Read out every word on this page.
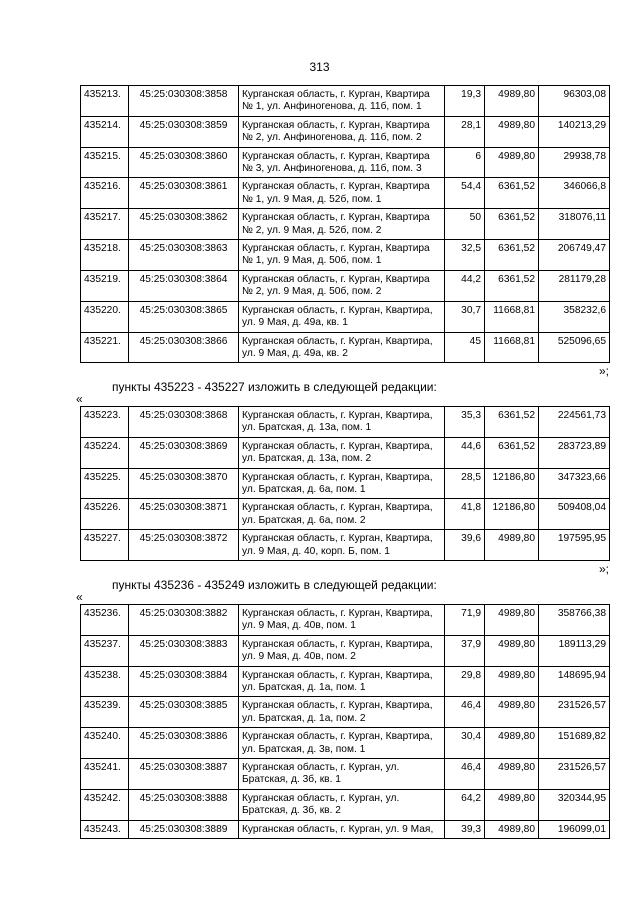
313
435213.	45:25:030308:3858	Курганская область, г. Курган, Квартира № 1, ул. Анфиногенова, д. 11б, пом. 1	19,3	4989,80	96303,08
435214.	45:25:030308:3859	Курганская область, г. Курган, Квартира № 2, ул. Анфиногенова, д. 11б, пом. 2	28,1	4989,80	140213,29
435215.	45:25:030308:3860	Курганская область, г. Курган, Квартира № 3, ул. Анфиногенова, д. 11б, пом. 3	6	4989,80	29938,78
435216.	45:25:030308:3861	Курганская область, г. Курган, Квартира № 1, ул. 9 Мая, д. 52б, пом. 1	54,4	6361,52	346066,8
435217.	45:25:030308:3862	Курганская область, г. Курган, Квартира № 2, ул. 9 Мая, д. 52б, пом. 2	50	6361,52	318076,11
435218.	45:25:030308:3863	Курганская область, г. Курган, Квартира № 1, ул. 9 Мая, д. 50б, пом. 1	32,5	6361,52	206749,47
435219.	45:25:030308:3864	Курганская область, г. Курган, Квартира № 2, ул. 9 Мая, д. 50б, пом. 2	44,2	6361,52	281179,28
435220.	45:25:030308:3865	Курганская область, г. Курган, Квартира, ул. 9 Мая, д. 49а, кв. 1	30,7	11668,81	358232,6
435221.	45:25:030308:3866	Курганская область, г. Курган, Квартира, ул. 9 Мая, д. 49а, кв. 2	45	11668,81	525096,65
»;
пункты 435223 - 435227 изложить в следующей редакции:
«
435223.	45:25:030308:3868	Курганская область, г. Курган, Квартира, ул. Братская, д. 13а, пом. 1	35,3	6361,52	224561,73
435224.	45:25:030308:3869	Курганская область, г. Курган, Квартира, ул. Братская, д. 13а, пом. 2	44,6	6361,52	283723,89
435225.	45:25:030308:3870	Курганская область, г. Курган, Квартира, ул. Братская, д. 6а, пом. 1	28,5	12186,80	347323,66
435226.	45:25:030308:3871	Курганская область, г. Курган, Квартира, ул. Братская, д. 6а, пом. 2	41,8	12186,80	509408,04
435227.	45:25:030308:3872	Курганская область, г. Курган, Квартира, ул. 9 Мая, д. 40, корп. Б, пом. 1	39,6	4989,80	197595,95
»;
пункты 435236 - 435249 изложить в следующей редакции:
«
435236.	45:25:030308:3882	Курганская область, г. Курган, Квартира, ул. 9 Мая, д. 40в, пом. 1	71,9	4989,80	358766,38
435237.	45:25:030308:3883	Курганская область, г. Курган, Квартира, ул. 9 Мая, д. 40в, пом. 2	37,9	4989,80	189113,29
435238.	45:25:030308:3884	Курганская область, г. Курган, Квартира, ул. Братская, д. 1а, пом. 1	29,8	4989,80	148695,94
435239.	45:25:030308:3885	Курганская область, г. Курган, Квартира, ул. Братская, д. 1а, пом. 2	46,4	4989,80	231526,57
435240.	45:25:030308:3886	Курганская область, г. Курган, Квартира, ул. Братская, д. 3в, пом. 1	30,4	4989,80	151689,82
435241.	45:25:030308:3887	Курганская область, г. Курган, ул. Братская, д. 3б, кв. 1	46,4	4989,80	231526,57
435242.	45:25:030308:3888	Курганская область, г. Курган, ул. Братская, д. 3б, кв. 2	64,2	4989,80	320344,95
435243.	45:25:030308:3889	Курганская область, г. Курган, ул. 9 Мая,	39,3	4989,80	196099,01
